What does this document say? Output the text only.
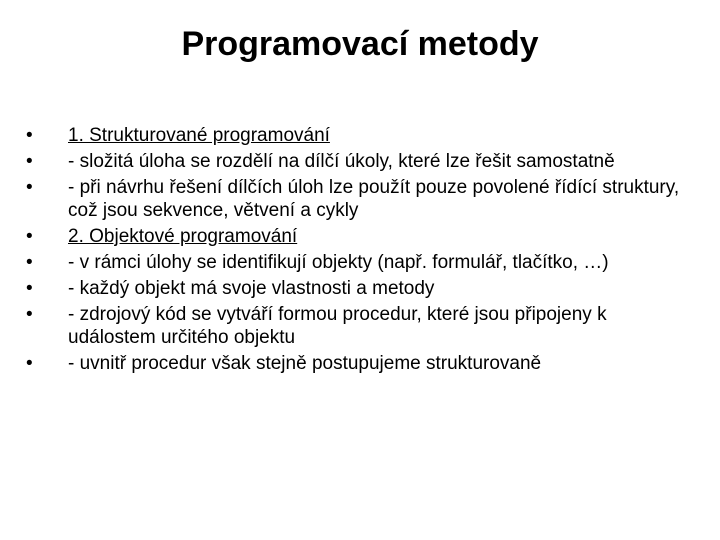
Programovací metody
•	1. Strukturované programování
•	- složitá úloha se rozdělí na dílčí úkoly, které lze řešit samostatně
•	- při návrhu řešení dílčích úloh lze použít pouze povolené řídící struktury, což jsou sekvence, větvení a cykly
•	2. Objektové programování
•	- v rámci úlohy se identifikují objekty (např. formulář, tlačítko, …)
•	- každý objekt má svoje vlastnosti a metody
•	- zdrojový kód se vytváří formou procedur, které jsou připojeny k událostem určitého objektu
•	- uvnitř procedur však stejně postupujeme strukturovaně
